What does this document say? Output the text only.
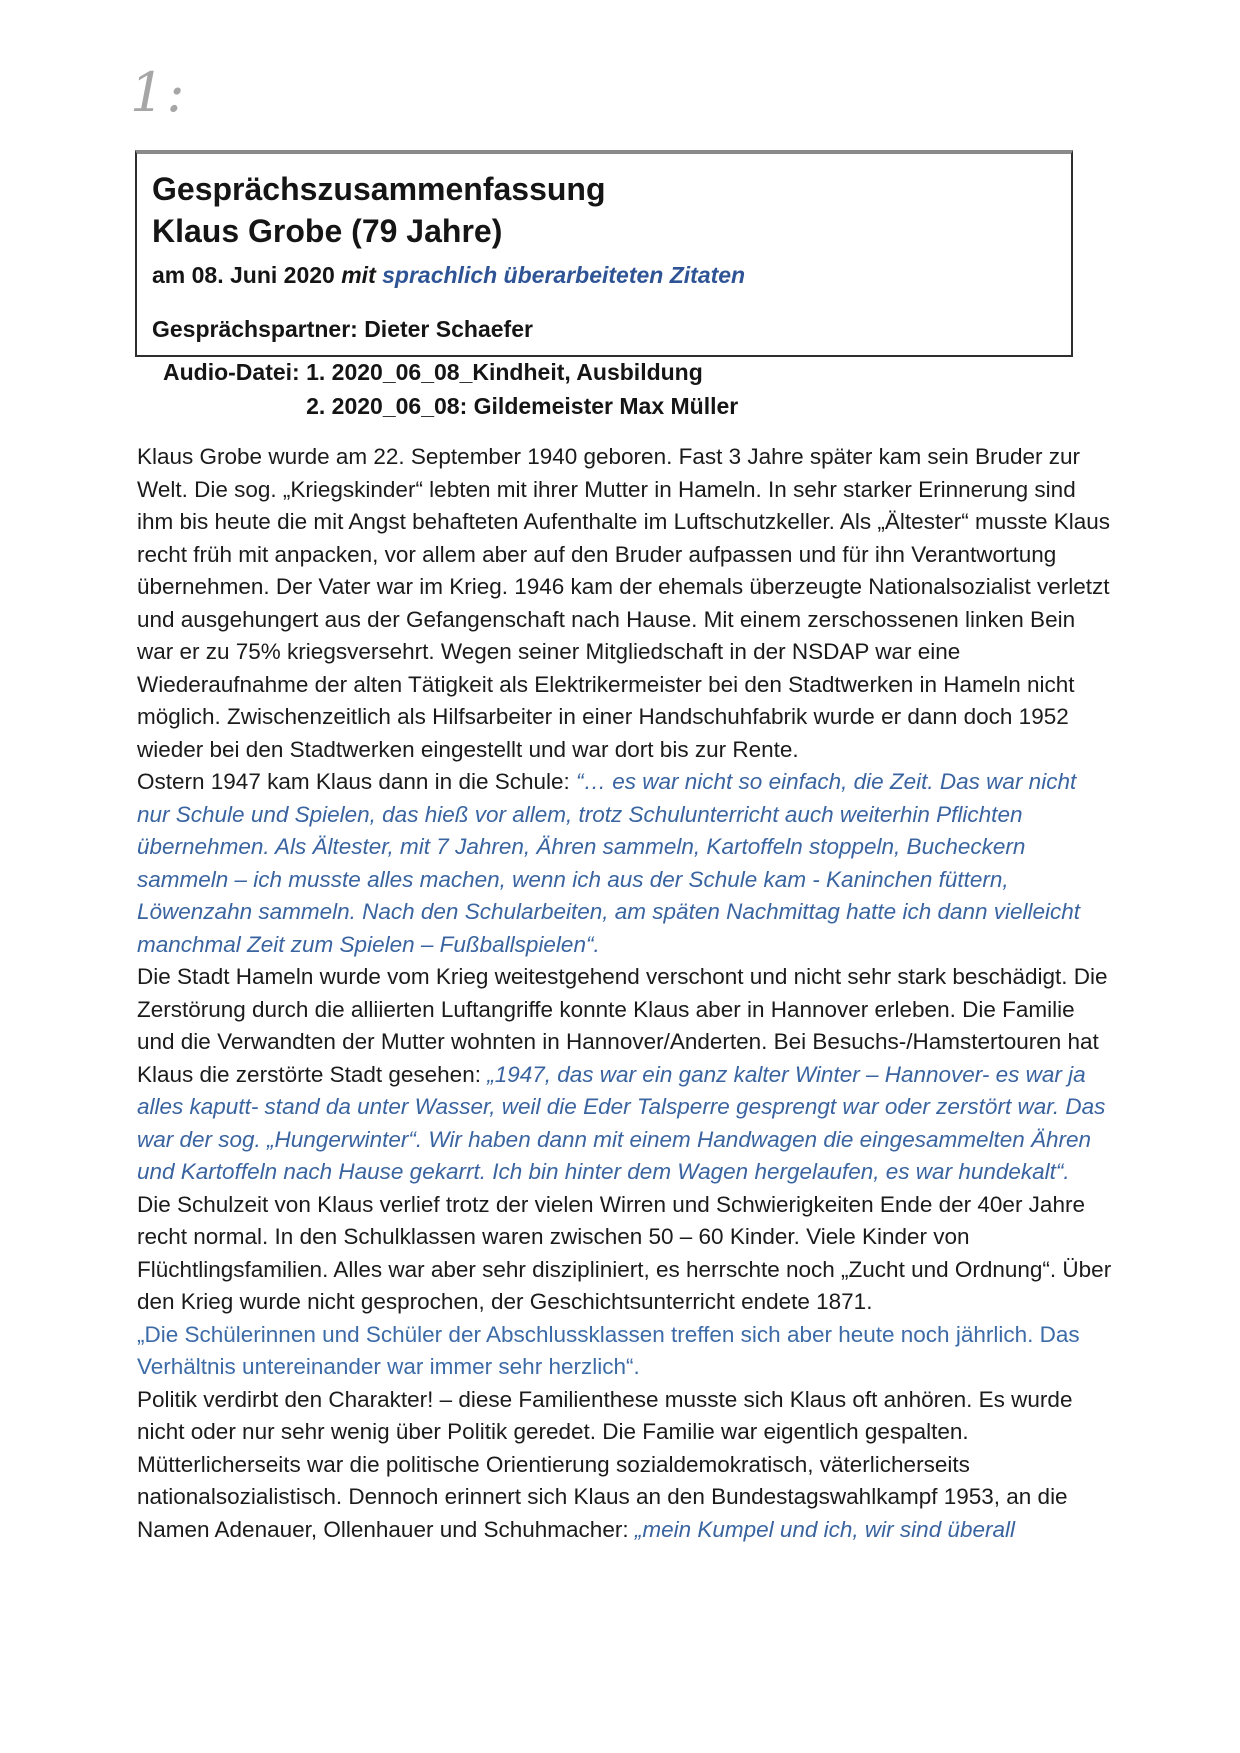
1:
Gesprächszusammenfassung
Klaus Grobe (79 Jahre)
am 08. Juni 2020 mit sprachlich überarbeiteten Zitaten
Gesprächspartner: Dieter Schaefer
Audio-Datei: 1. 2020_06_08_Kindheit, Ausbildung
2. 2020_06_08: Gildemeister Max Müller

Klaus Grobe wurde am 22. September 1940 geboren. Fast 3 Jahre später kam sein Bruder zur Welt. Die sog. „Kriegskinder“ lebten mit ihrer Mutter in Hameln. In sehr starker Erinnerung sind ihm bis heute die mit Angst behafteten Aufenthalte im Luftschutzkeller. Als „Ältester“ musste Klaus recht früh mit anpacken, vor allem aber auf den Bruder aufpassen und für ihn Verantwortung übernehmen. Der Vater war im Krieg. 1946 kam der ehemals überzeugte Nationalsozialist verletzt und ausgehungert aus der Gefangenschaft nach Hause. Mit einem zerschossenen linken Bein war er zu 75% kriegsversehrt. Wegen seiner Mitgliedschaft in der NSDAP war eine Wiederaufnahme der alten Tätigkeit als Elektrikermeister bei den Stadtwerken in Hameln nicht möglich. Zwischenzeitlich als Hilfsarbeiter in einer Handschuhfabrik wurde er dann doch 1952 wieder bei den Stadtwerken eingestellt und war dort bis zur Rente.

Ostern 1947 kam Klaus dann in die Schule: “… es war nicht so einfach, die Zeit. Das war nicht nur Schule und Spielen, das hieß vor allem, trotz Schulunterricht auch weiterhin Pflichten übernehmen. Als Ältester, mit 7 Jahren, Ähren sammeln, Kartoffeln stoppeln, Bucheckern sammeln – ich musste alles machen, wenn ich aus der Schule kam - Kaninchen füttern, Löwenzahn sammeln. Nach den Schularbeiten, am späten Nachmittag hatte ich dann vielleicht manchmal Zeit zum Spielen – Fußballspielen“.

Die Stadt Hameln wurde vom Krieg weitestgehend verschont und nicht sehr stark beschädigt. Die Zerstörung durch die alliierten Luftangriffe konnte Klaus aber in Hannover erleben. Die Familie und die Verwandten der Mutter wohnten in Hannover/Anderten. Bei Besuchs-/Hamstertouren hat Klaus die zerstörte Stadt gesehen: „1947, das war ein ganz kalter Winter – Hannover- es war ja alles kaputt- stand da unter Wasser, weil die Eder Talsperre gesprengt war oder zerstört war. Das war der sog. „Hungerwinter“. Wir haben dann mit einem Handwagen die eingesammelten Ähren und Kartoffeln nach Hause gekarrt. Ich bin hinter dem Wagen hergelaufen, es war hundekalt“.

Die Schulzeit von Klaus verlief trotz der vielen Wirren und Schwierigkeiten Ende der 40er Jahre recht normal. In den Schulklassen waren zwischen 50 – 60 Kinder. Viele Kinder von Flüchtlingsfamilien. Alles war aber sehr diszipliniert, es herrschte noch „Zucht und Ordnung“. Über den Krieg wurde nicht gesprochen, der Geschichtsunterricht endete 1871.

„Die Schülerinnen und Schüler der Abschlussklassen treffen sich aber heute noch jährlich. Das Verhältnis untereinander war immer sehr herzlich“.

Politik verdirbt den Charakter! – diese Familienthese musste sich Klaus oft anhören. Es wurde nicht oder nur sehr wenig über Politik geredet. Die Familie war eigentlich gespalten. Mütterlicherseits war die politische Orientierung sozialdemokratisch, väterlicherseits nationalsozialistisch. Dennoch erinnert sich Klaus an den Bundestagswahlkampf 1953, an die Namen Adenauer, Ollenhauer und Schuhmacher: „mein Kumpel und ich, wir sind überall
